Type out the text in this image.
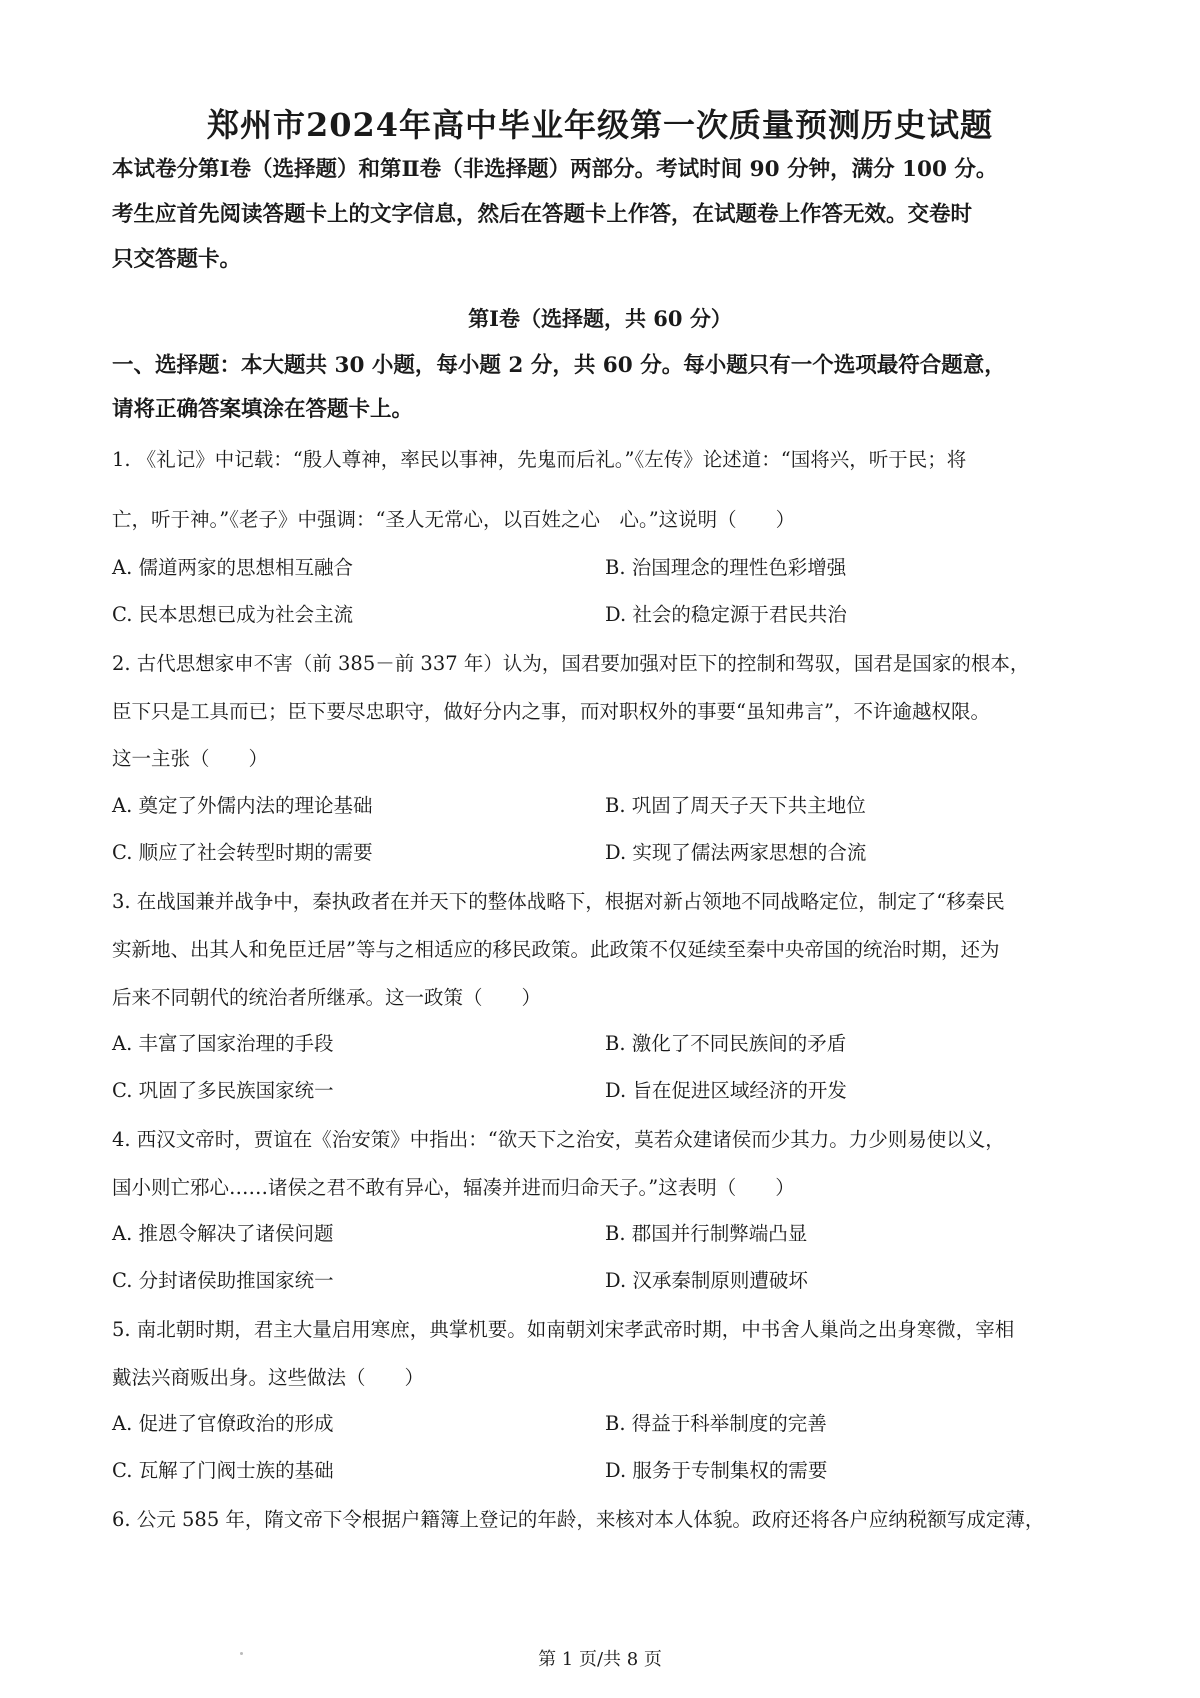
郑州市2024年高中毕业年级第一次质量预测历史试题
本试卷分第Ⅰ卷（选择题）和第Ⅱ卷（非选择题）两部分。考试时间 90 分钟，满分 100 分。
考生应首先阅读答题卡上的文字信息，然后在答题卡上作答，在试题卷上作答无效。交卷时
只交答题卡。
第Ⅰ卷（选择题，共 60 分）
一、选择题：本大题共 30 小题，每小题 2 分，共 60 分。每小题只有一个选项最符合题意，
请将正确答案填涂在答题卡上。
1. 《礼记》中记载：“殷人尊神，率民以事神，先鬼而后礼。”《左传》论述道：“国将兴，听于民；将
亡，听于神。”《老子》中强调：“圣人无常心，以百姓之心　心。”这说明（　　）
A. 儒道两家的思想相互融合	B. 治国理念的理性色彩增强
C. 民本思想已成为社会主流	D. 社会的稳定源于君民共治
2. 古代思想家申不害（前 385－前 337 年）认为，国君要加强对臣下的控制和驾驭，国君是国家的根本，
臣下只是工具而已；臣下要尽忠职守，做好分内之事，而对职权外的事要“虽知弗言”，不许逾越权限。
这一主张（　　）
A. 奠定了外儒内法的理论基础	B. 巩固了周天子天下共主地位
C. 顺应了社会转型时期的需要	D. 实现了儒法两家思想的合流
3. 在战国兼并战争中，秦执政者在并天下的整体战略下，根据对新占领地不同战略定位，制定了“移秦民
实新地、出其人和免臣迁居”等与之相适应的移民政策。此政策不仅延续至秦中央帝国的统治时期，还为
后来不同朝代的统治者所继承。这一政策（　　）
A. 丰富了国家治理的手段	B. 激化了不同民族间的矛盾
C. 巩固了多民族国家统一	D. 旨在促进区域经济的开发
4. 西汉文帝时，贾谊在《治安策》中指出：“欲天下之治安，莫若众建诸侯而少其力。力少则易使以义，
国小则亡邪心……诸侯之君不敢有异心，辐凑并进而归命天子。”这表明（　　）
A. 推恩令解决了诸侯问题	B. 郡国并行制弊端凸显
C. 分封诸侯助推国家统一	D. 汉承秦制原则遭破坏
5. 南北朝时期，君主大量启用寒庶，典掌机要。如南朝刘宋孝武帝时期，中书舍人巢尚之出身寒微，宰相
戴法兴商贩出身。这些做法（　　）
A. 促进了官僚政治的形成	B. 得益于科举制度的完善
C. 瓦解了门阀士族的基础	D. 服务于专制集权的需要
6. 公元 585 年，隋文帝下令根据户籍簿上登记的年龄，来核对本人体貌。政府还将各户应纳税额写成定薄，
第 1 页/共 8 页
